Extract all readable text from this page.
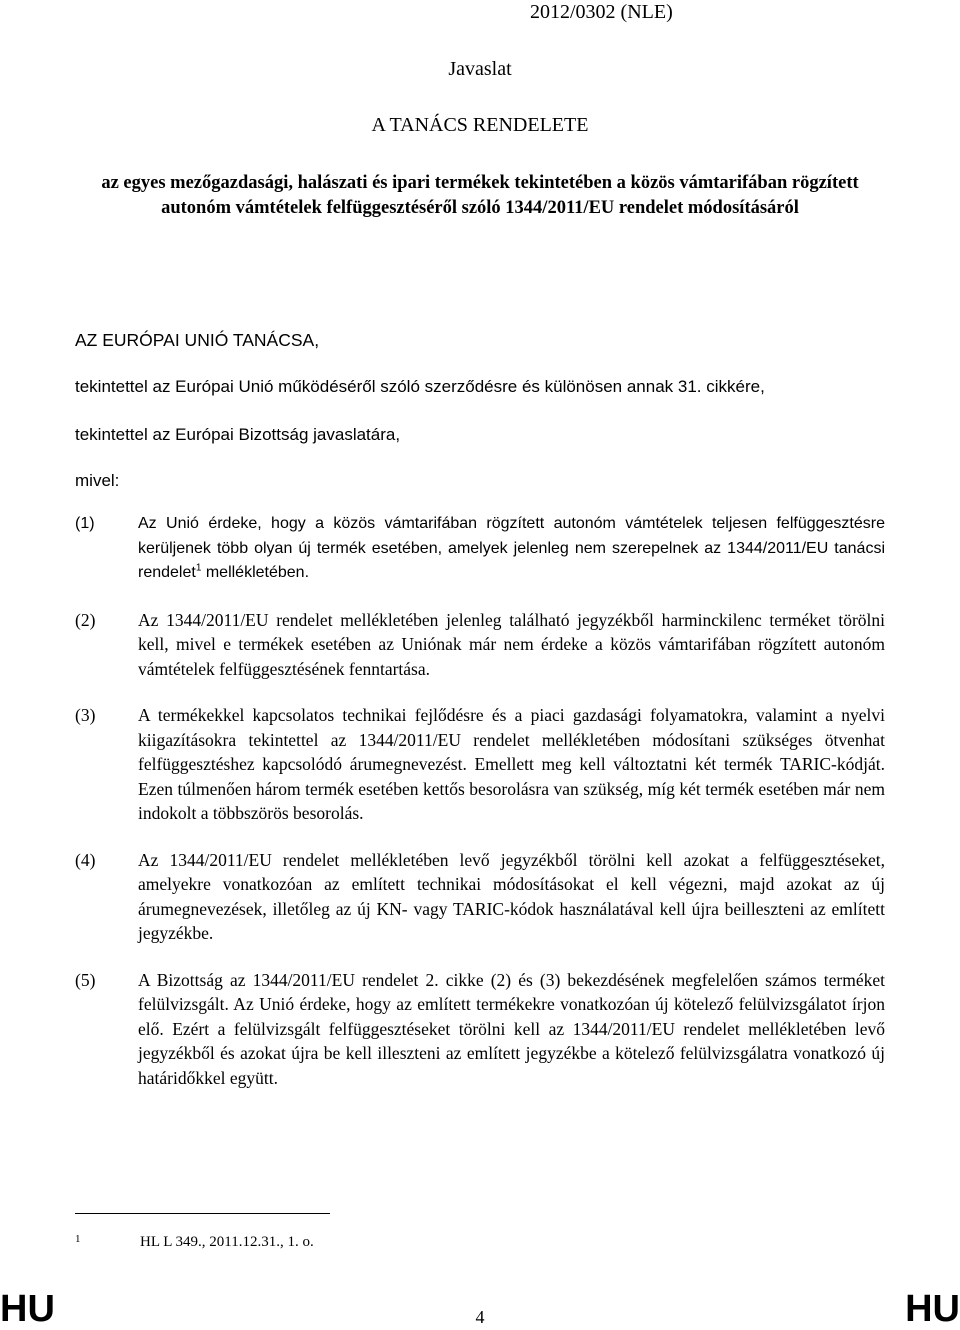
2012/0302 (NLE)
Javaslat
A TANÁCS RENDELETE
az egyes mezőgazdasági, halászati és ipari termékek tekintetében a közös vámtarifában rögzített autonóm vámtételek felfüggesztéséről szóló 1344/2011/EU rendelet módosításáról
AZ EURÓPAI UNIÓ TANÁCSA,
tekintettel az Európai Unió működéséről szóló szerződésre és különösen annak 31. cikkére,
tekintettel az Európai Bizottság javaslatára,
mivel:
(1)	Az Unió érdeke, hogy a közös vámtarifában rögzített autonóm vámtételek teljesen felfüggesztésre kerüljenek több olyan új termék esetében, amelyek jelenleg nem szerepelnek az 1344/2011/EU tanácsi rendelet$^1$ mellékletében.
(2)	Az 1344/2011/EU rendelet mellékletében jelenleg található jegyzékből harminckilenc terméket törölni kell, mivel e termékek esetében az Uniónak már nem érdeke a közös vámtarifában rögzített autonóm vámtételek felfüggesztésének fenntartása.
(3)	A termékekkel kapcsolatos technikai fejlődésre és a piaci gazdasági folyamatokra, valamint a nyelvi kiigazításokra tekintettel az 1344/2011/EU rendelet mellékletében módosítani szükséges ötvenhat felfüggesztéshez kapcsolódó árumegnevezést. Emellett meg kell változtatni két termék TARIC-kódját. Ezen túlmenően három termék esetében kettős besorolásra van szükség, míg két termék esetében már nem indokolt a többszörös besorolás.
(4)	Az 1344/2011/EU rendelet mellékletében levő jegyzékből törölni kell azokat a felfüggesztéseket, amelyekre vonatkozóan az említett technikai módosításokat el kell végezni, majd azokat az új árumegnevezések, illetőleg az új KN- vagy TARIC-kódok használatával kell újra beilleszteni az említett jegyzékbe.
(5)	A Bizottság az 1344/2011/EU rendelet 2. cikke (2) és (3) bekezdésének megfelelően számos terméket felülvizsgált. Az Unió érdeke, hogy az említett termékekre vonatkozóan új kötelező felülvizsgálatot írjon elő. Ezért a felülvizsgált felfüggesztéseket törölni kell az 1344/2011/EU rendelet mellékletében levő jegyzékből és azokat újra be kell illeszteni az említett jegyzékbe a kötelező felülvizsgálatra vonatkozó új határidőkkel együtt.
1	HL L 349., 2011.12.31., 1. o.
HU	4	HU
